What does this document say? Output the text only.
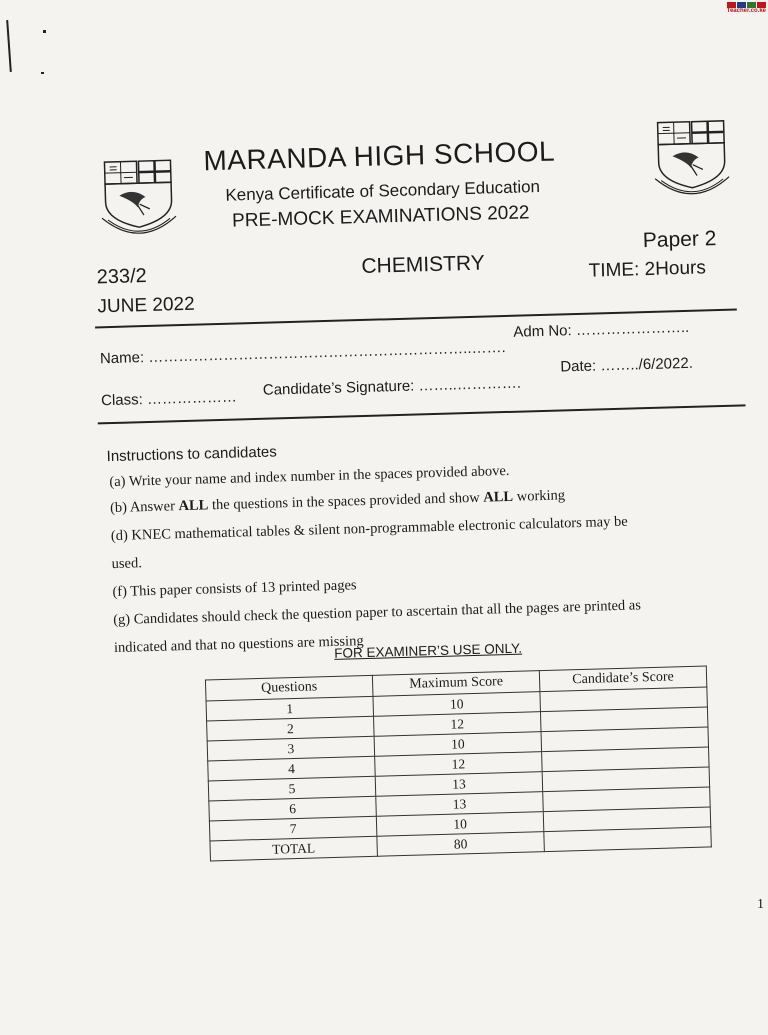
Teacher.co.ke
MARANDA HIGH SCHOOL
Kenya Certificate of Secondary Education
PRE-MOCK EXAMINATIONS 2022
CHEMISTRY
233/2
JUNE 2022
Paper 2
TIME: 2Hours
Name: ………………………………………………………..…….
Adm No: …………………..
Class: ………………
Candidate’s Signature: ……..………….
Date: ……../6/2022.
Instructions to candidates
(a) Write your name and index number in the spaces provided above.
(b) Answer ALL the questions in the spaces provided and show ALL working
(d) KNEC mathematical tables & silent non-programmable electronic calculators may be
used.
(f) This paper consists of 13 printed pages
(g) Candidates should check the question paper to ascertain that all the pages are printed as
indicated and that no questions are missing
FOR EXAMINER’S USE ONLY.
Questions	Maximum Score	Candidate’s Score
1	10	
2	12	
3	10	
4	12	
5	13	
6	13	
7	10	
TOTAL	80	
1
